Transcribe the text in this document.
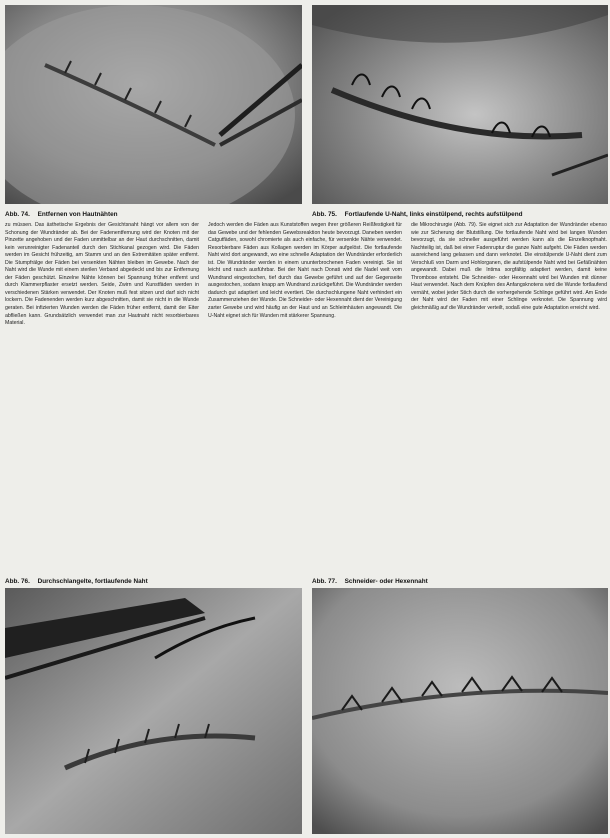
Abb. 74. Entfernen von Hautnähten	Abb. 75. Fortlaufende U-Naht, links einstülpend, rechts aufstülpend

zu müssen. Das ästhetische Ergebnis der Gesichtsnaht hängt vor allem von der Schonung der Wundränder ab. Bei der Fadenentfernung wird der Knoten mit der Pinzette angehoben und der Faden unmittelbar an der Haut durchschnitten, damit kein verunreinigter Fadenanteil durch den Stichkanal gezogen wird. Die Fäden werden im Gesicht frühzeitig, am Stamm und an den Extremitäten später entfernt. Die Stumpfrälge der Fäden bei versenkten Nähten bleiben im Gewebe. Nach der Naht wird die Wunde mit einem sterilen Verband abgedeckt und bis zur Entfernung der Fäden geschützt. Einzelne Nähte können bei Spannung früher entfernt und durch Klammerpflaster ersetzt werden. Seide, Zwirn und Kunstfäden werden in verschiedenen Stärken verwendet. Der Knoten muß fest sitzen und darf sich nicht lockern. Die Fadenenden werden kurz abgeschnitten, damit sie nicht in die Wunde geraten. Bei infizierten Wunden werden die Fäden früher entfernt, damit der Eiter abfließen kann. Grundsätzlich verwendet man zur Hautnaht nicht resorbierbares Material.

Jedoch werden die Fäden aus Kunststoffen wegen ihrer größeren Reißfestigkeit für das Gewebe und der fehlenden Gewebsreaktion heute bevorzugt. Daneben werden Catgutfäden, sowohl chromierte als auch einfache, für versenkte Nähte verwendet. Resorbierbare Fäden aus Kollagen werden im Körper aufgelöst. Die fortlaufende Naht wird dort angewandt, wo eine schnelle Adaptation der Wundränder erforderlich ist. Die Wundränder werden in einem ununterbrochenen Faden vereinigt. Sie ist leicht und rasch ausführbar. Bei der Naht nach Donati wird die Nadel weit vom Wundrand eingestochen, tief durch das Gewebe geführt und auf der Gegenseite ausgestochen, sodann knapp am Wundrand zurückgeführt. Die Wundränder werden dadurch gut adaptiert und leicht evertiert. Die durchschlungene Naht verhindert ein Zusammenziehen der Wunde. Die Schneider- oder Hexennaht dient der Vereinigung zarter Gewebe und wird häufig an der Haut und an Schleimhäuten angewandt. Die U-Naht eignet sich für Wunden mit stärkerer Spannung.

die Mikrochirurgie (Abb. 79). Sie eignet sich zur Adaptation der Wundränder ebenso wie zur Sicherung der Blutstillung. Die fortlaufende Naht wird bei langen Wunden bevorzugt, da sie schneller ausgeführt werden kann als die Einzelknopfnaht. Nachteilig ist, daß bei einer Fadenruptur die ganze Naht aufgeht. Die Fäden werden ausreichend lang gelassen und dann verknotet. Die einstülpende U-Naht dient zum Verschluß von Darm und Hohlorganen, die aufstülpende Naht wird bei Gefäßnähten angewandt. Dabei muß die Intima sorgfältig adaptiert werden, damit keine Thrombose entsteht. Die Schneider- oder Hexennaht wird bei Wunden mit dünner Haut verwendet. Nach dem Knüpfen des Anfangsknotens wird die Wunde fortlaufend vernäht, wobei jeder Stich durch die vorhergehende Schlinge geführt wird. Am Ende der Naht wird der Faden mit einer Schlinge verknotet. Die Spannung wird gleichmäßig auf die Wundränder verteilt, sodaß eine gute Adaptation erreicht wird.

Abb. 76. Durchschlangelte, fortlaufende Naht	Abb. 77. Schneider- oder Hexennaht
